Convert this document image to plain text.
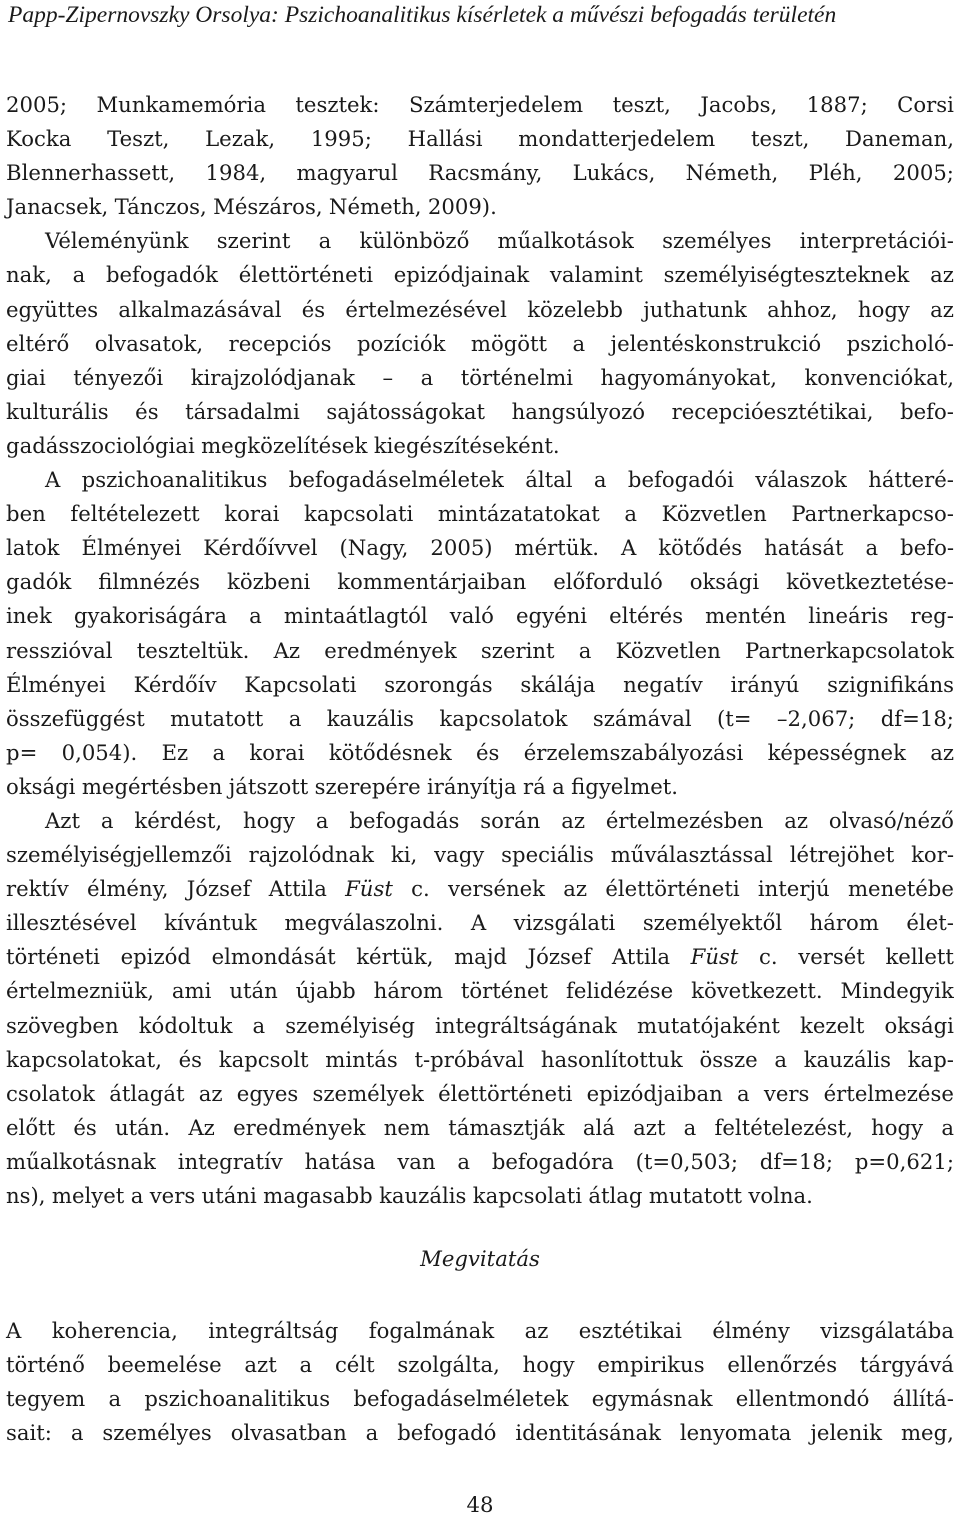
Papp-Zipernovszky Orsolya: Pszichoanalitikus kísérletek a művészi befogadás területén
2005; Munkamemória tesztek: Számterjedelem teszt, Jacobs, 1887; Corsi
Kocka Teszt, Lezak, 1995; Hallási mondatterjedelem teszt, Daneman,
Blennerhassett, 1984, magyarul Racsmány, Lukács, Németh, Pléh, 2005;
Janacsek, Tánczos, Mészáros, Németh, 2009).
Véleményünk szerint a különböző műalkotások személyes interpretációi-
nak, a befogadók élettörténeti epizódjainak valamint személyiségteszteknek az
együttes alkalmazásával és értelmezésével közelebb juthatunk ahhoz, hogy az
eltérő olvasatok, recepciós pozíciók mögött a jelentéskonstrukció pszicholó-
giai tényezői kirajzolódjanak – a történelmi hagyományokat, konvenciókat,
kulturális és társadalmi sajátosságokat hangsúlyozó recepcióesztétikai, befo-
gadásszociológiai megközelítések kiegészítéseként.
A pszichoanalitikus befogadáselméletek által a befogadói válaszok hátteré-
ben feltételezett korai kapcsolati mintázatatokat a Közvetlen Partnerkapcso-
latok Élményei Kérdőívvel (Nagy, 2005) mértük. A kötődés hatását a befo-
gadók filmnézés közbeni kommentárjaiban előforduló oksági következtetése-
inek gyakoriságára a mintaátlagtól való egyéni eltérés mentén lineáris reg-
resszióval teszteltük. Az eredmények szerint a Közvetlen Partnerkapcsolatok
Élményei Kérdőív Kapcsolati szorongás skálája negatív irányú szignifikáns
összefüggést mutatott a kauzális kapcsolatok számával (t= –2,067; df=18;
p= 0,054). Ez a korai kötődésnek és érzelemszabályozási képességnek az
oksági megértésben játszott szerepére irányítja rá a figyelmet.
Azt a kérdést, hogy a befogadás során az értelmezésben az olvasó/néző
személyiségjellemzői rajzolódnak ki, vagy speciális műválasztással létrejöhet kor-
rektív élmény, József Attila Füst c. versének az élettörténeti interjú menetébe
illesztésével kívántuk megválaszolni. A vizsgálati személyektől három élet-
történeti epizód elmondását kértük, majd József Attila Füst c. versét kellett
értelmezniük, ami után újabb három történet felidézése következett. Mindegyik
szövegben kódoltuk a személyiség integráltságának mutatójaként kezelt oksági
kapcsolatokat, és kapcsolt mintás t-próbával hasonlítottuk össze a kauzális kap-
csolatok átlagát az egyes személyek élettörténeti epizódjaiban a vers értelmezése
előtt és után. Az eredmények nem támasztják alá azt a feltételezést, hogy a
műalkotásnak integratív hatása van a befogadóra (t=0,503; df=18; p=0,621;
ns), melyet a vers utáni magasabb kauzális kapcsolati átlag mutatott volna.
Megvitatás
A koherencia, integráltság fogalmának az esztétikai élmény vizsgálatába
történő beemelése azt a célt szolgálta, hogy empirikus ellenőrzés tárgyává
tegyem a pszichoanalitikus befogadáselméletek egymásnak ellentmondó állítá-
sait: a személyes olvasatban a befogadó identitásának lenyomata jelenik meg,
48
